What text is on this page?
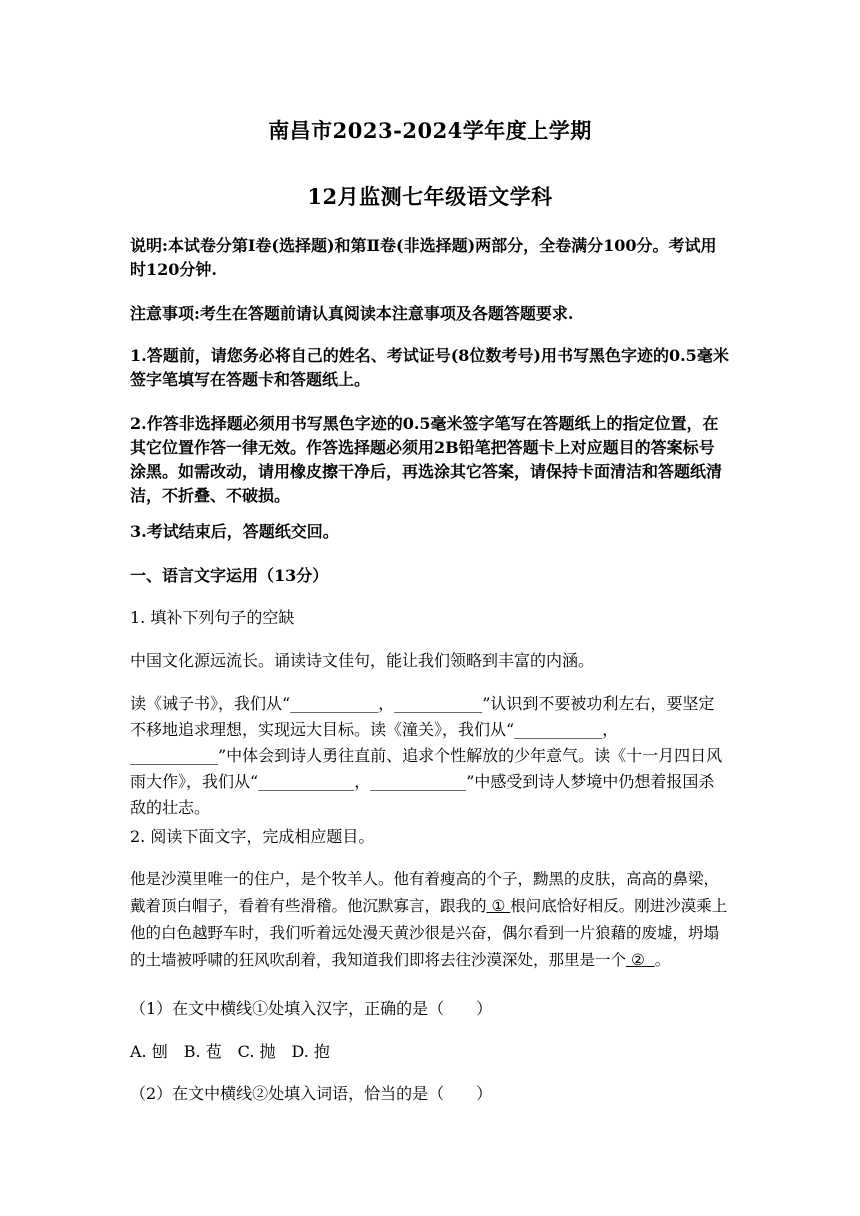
南昌市2023-2024学年度上学期
12月监测七年级语文学科

说明:本试卷分第Ⅰ卷(选择题)和第Ⅱ卷(非选择题)两部分，全卷满分100分。考试用时120分钟.

注意事项:考生在答题前请认真阅读本注意事项及各题答题要求.

1.答题前，请您务必将自己的姓名、考试证号(8位数考号)用书写黑色字迹的0.5毫米签字笔填写在答题卡和答题纸上。

2.作答非选择题必须用书写黑色字迹的0.5毫米签字笔写在答题纸上的指定位置，在其它位置作答一律无效。作答选择题必须用2B铅笔把答题卡上对应题目的答案标号涂黑。如需改动，请用橡皮擦干净后，再选涂其它答案，请保持卡面清洁和答题纸清洁，不折叠、不破损。

3.考试结束后，答题纸交回。

一、语言文字运用（13分）

1. 填补下列句子的空缺

中国文化源远流长。诵读诗文佳句，能让我们领略到丰富的内涵。

读《诫子书》，我们从“___________，___________”认识到不要被功利左右，要坚定不移地追求理想，实现远大目标。读《潼关》，我们从“___________，___________”中体会到诗人勇往直前、追求个性解放的少年意气。读《十一月四日风雨大作》，我们从“____________，____________”中感受到诗人梦境中仍想着报国杀敌的壮志。

2. 阅读下面文字，完成相应题目。

他是沙漠里唯一的住户，是个牧羊人。他有着瘦高的个子，黝黑的皮肤，高高的鼻梁，戴着顶白帽子，看着有些滑稽。他沉默寡言，跟我的 ① 根问底恰好相反。刚进沙漠乘上他的白色越野车时，我们听着远处漫天黄沙很是兴奋，偶尔看到一片狼藉的废墟，坍塌的土墙被呼啸的狂风吹刮着，我知道我们即将去往沙漠深处，那里是一个 ② 。

（1）在文中横线①处填入汉字，正确的是（　　）

A. 刨　B. 苞　C. 抛　D. 抱

（2）在文中横线②处填入词语，恰当的是（　　）
